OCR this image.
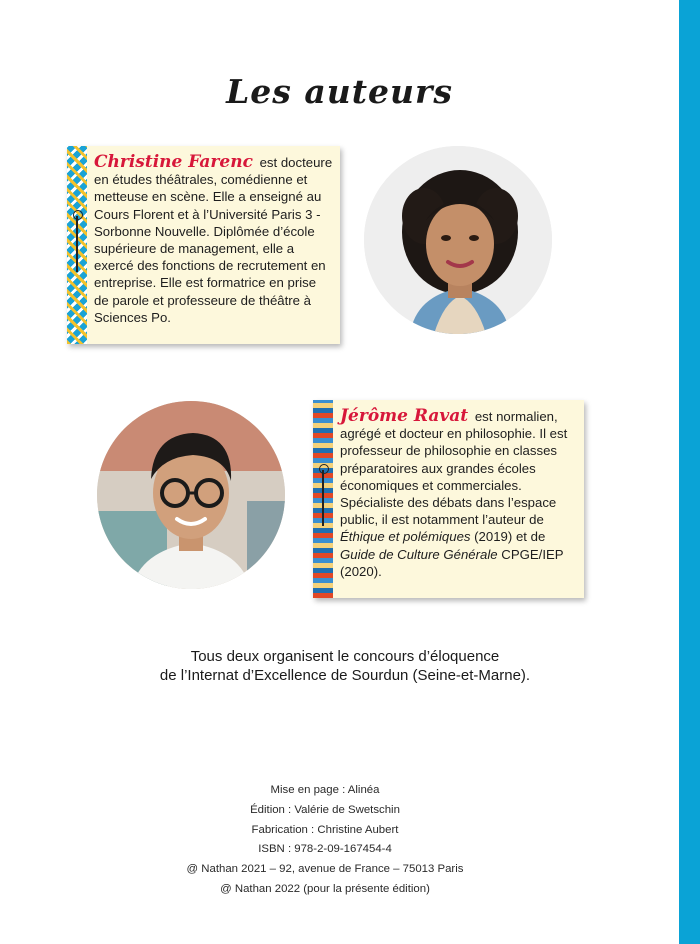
Les auteurs
Christine Farenc est docteure en études théâtrales, comédienne et metteuse en scène. Elle a enseigné au Cours Florent et à l’Université Paris 3 - Sorbonne Nouvelle. Diplômée d’école supérieure de management, elle a exercé des fonctions de recrutement en entreprise. Elle est formatrice en prise de parole et professeure de théâtre à Sciences Po.
Jérôme Ravat est normalien, agrégé et docteur en philosophie. Il est professeur de philosophie en classes préparatoires aux grandes écoles économiques et commerciales. Spécialiste des débats dans l’espace public, il est notamment l’auteur de Éthique et polémiques (2019) et de Guide de Culture Générale CPGE/IEP (2020).
Tous deux organisent le concours d’éloquence
de l’Internat d’Excellence de Sourdun (Seine-et-Marne).
Mise en page : Alinéa
Édition : Valérie de Swetschin
Fabrication : Christine Aubert
ISBN : 978-2-09-167454-4
@ Nathan 2021 – 92, avenue de France – 75013 Paris
@ Nathan 2022 (pour la présente édition)
